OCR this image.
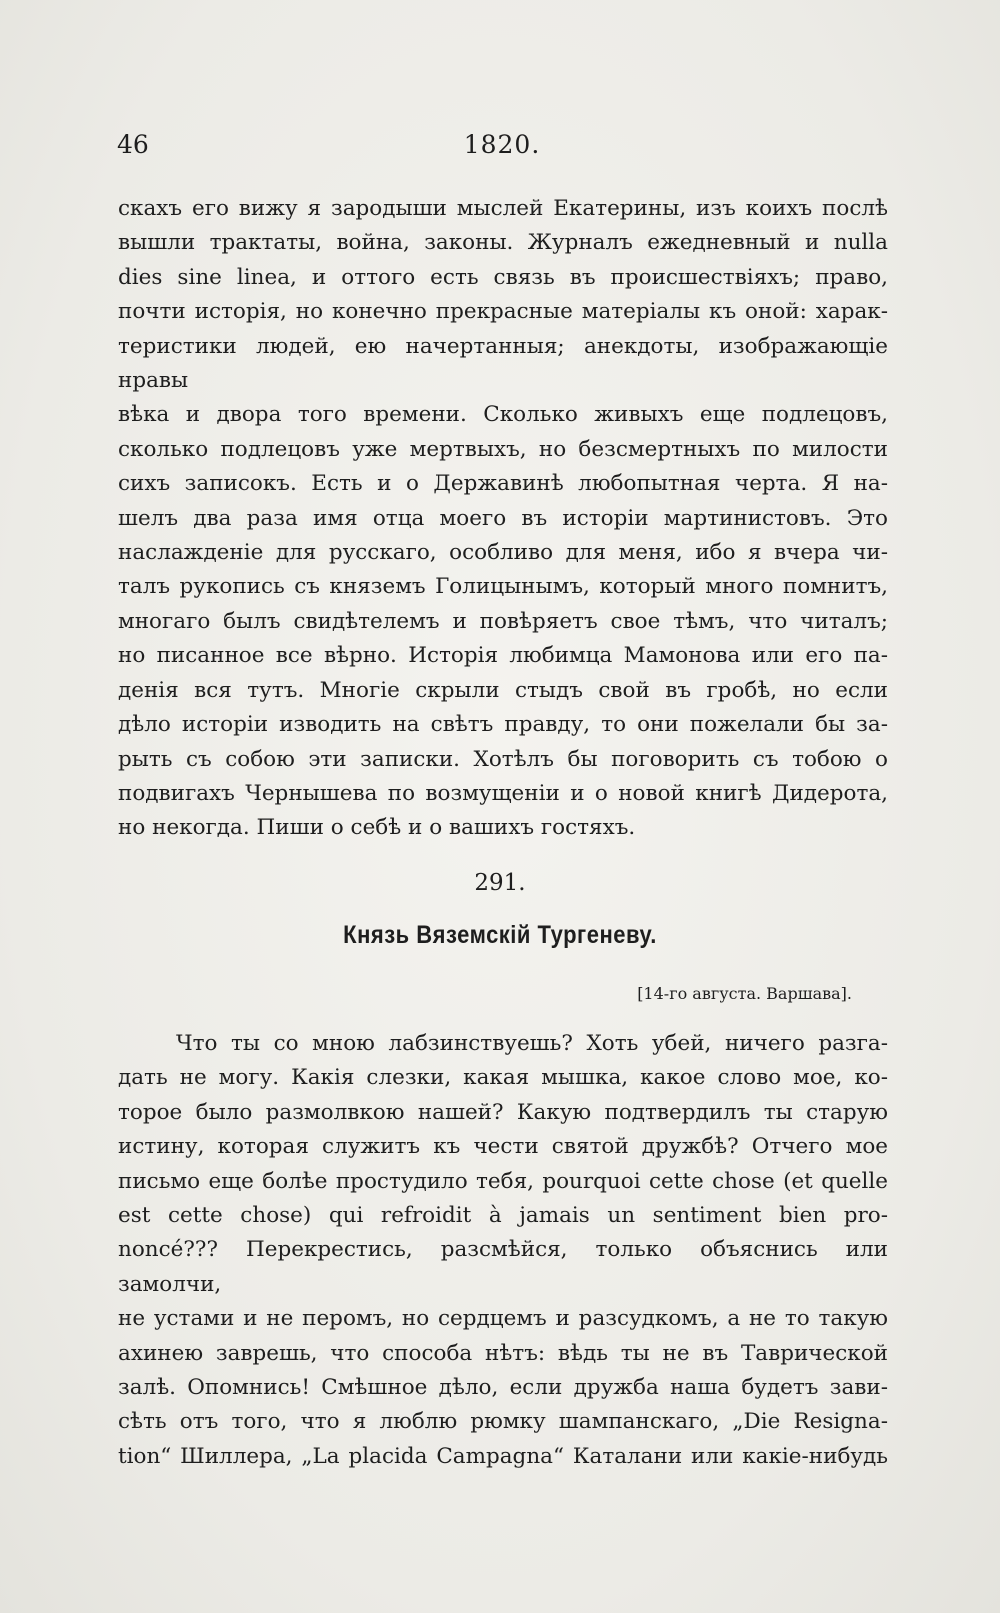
46	1820.

скахъ его вижу я зародыши мыслей Екатерины, изъ коихъ послѣ

вышли трактаты, война, законы. Журналъ ежедневный и nulla

dies sine linea, и оттого есть связь въ происшествіяхъ; право,

почти исторія, но конечно прекрасные матеріалы къ оной: харак-

теристики людей, ею начертанныя; анекдоты, изображающіе нравы

вѣка и двора того времени. Сколько живыхъ еще подлецовъ,

сколько подлецовъ уже мертвыхъ, но безсмертныхъ по милости

сихъ записокъ. Есть и о Державинѣ любопытная черта. Я на-

шелъ два раза имя отца моего въ исторіи мартинистовъ. Это

наслажденіе для русскаго, особливо для меня, ибо я вчера чи-

талъ рукопись съ княземъ Голицынымъ, который много помнитъ,

многаго былъ свидѣтелемъ и повѣряетъ свое тѣмъ, что читалъ;

но писанное все вѣрно. Исторія любимца Мамонова или его па-

денія вся тутъ. Многіе скрыли стыдъ свой въ гробѣ, но если

дѣло исторіи изводить на свѣтъ правду, то они пожелали бы за-

рыть съ собою эти записки. Хотѣлъ бы поговорить съ тобою о

подвигахъ Чернышева по возмущеніи и о новой книгѣ Дидерота,

но некогда. Пиши о себѣ и о вашихъ гостяхъ.

291.
Князь Вяземскій Тургеневу.
[14-го августа. Варшава].

Что ты со мною лабзинствуешь? Хоть убей, ничего разга-

дать не могу. Какія слезки, какая мышка, какое слово мое, ко-

торое было размолвкою нашей? Какую подтвердилъ ты старую

истину, которая служитъ къ чести святой дружбѣ? Отчего мое

письмо еще болѣе простудило тебя, pourquoi cette chose (et quelle

est cette chose) qui refroidit à jamais un sentiment bien pro-

noncé??? Перекрестись, разсмѣйся, только объяснись или замолчи,

не устами и не перомъ, но сердцемъ и разсудкомъ, а не то такую

ахинею заврешь, что способа нѣтъ: вѣдь ты не въ Таврической

залѣ. Опомнись! Смѣшное дѣло, если дружба наша будетъ зави-

сѣть отъ того, что я люблю рюмку шампанскаго, „Die Resigna-

tion“ Шиллера, „La placida Campagna“ Каталани или какіе-нибудь
